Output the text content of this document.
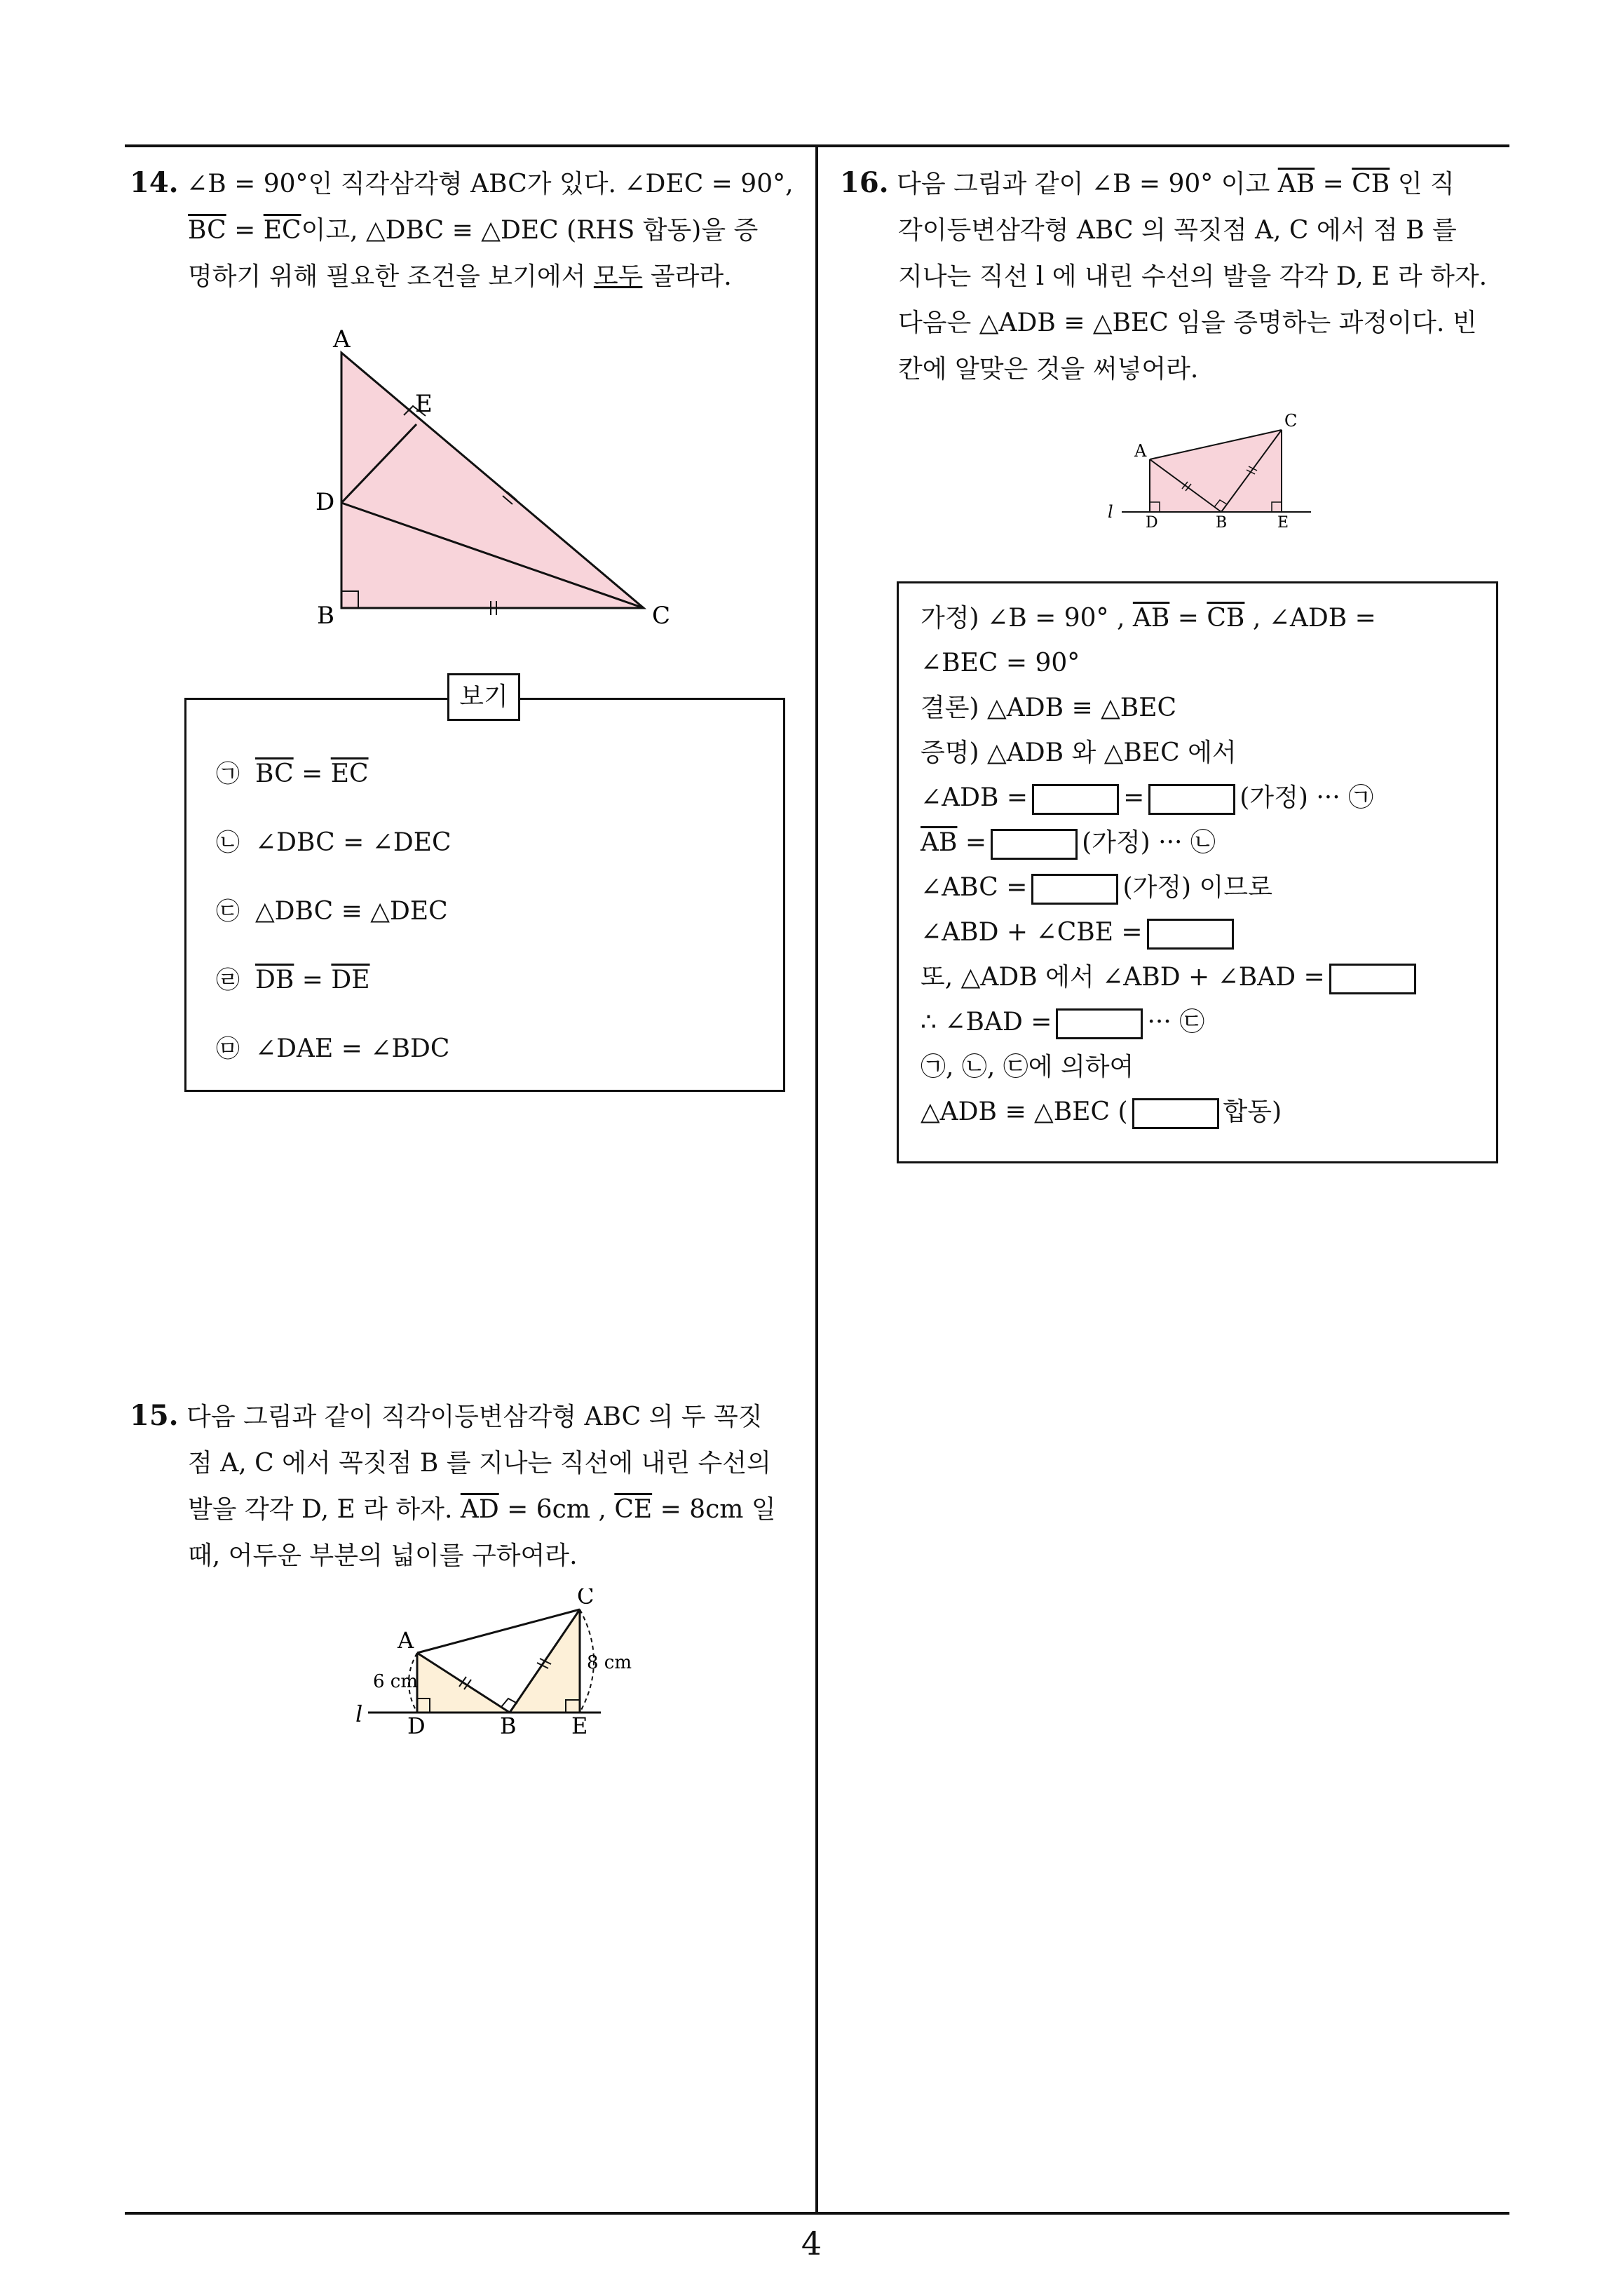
4
14. ∠B = 90°인 직각삼각형 ABC가 있다. ∠DEC = 90°,
$\overline{BC} = \overline{EC}$이고, △DBC ≡ △DEC (RHS 합동)을 증
명하기 위해 필요한 조건을 보기에서 모두 골라라.
A
E
D
B	C
보기
㉠ $\overline{BC} = \overline{EC}$
㉡ ∠DBC = ∠DEC
㉢ △DBC ≡ △DEC
㉣ $\overline{DB} = \overline{DE}$
㉤ ∠DAE = ∠BDC
15. 다음 그림과 같이 직각이등변삼각형 ABC 의 두 꼭짓
점 A, C 에서 꼭짓점 B 를 지나는 직선에 내린 수선의
발을 각각 D, E 라 하자. $\overline{AD} = 6cm$ , $\overline{CE} = 8cm$ 일
때, 어두운 부분의 넓이를 구하여라.
A
C
D	B E
l
6 cm
8 cm
16. 다음 그림과 같이 ∠B = 90° 이고 $\overline{AB} = \overline{CB}$ 인 직
각이등변삼각형 ABC 의 꼭짓점 A, C 에서 점 B 를
지나는 직선 l 에 내린 수선의 발을 각각 D, E 라 하자.
다음은 △ADB ≡ △BEC 임을 증명하는 과정이다. 빈
칸에 알맞은 것을 써넣어라.
A
C
D	B	E
l
가정) ∠B = 90° , $\overline{AB} = \overline{CB}$ , ∠ADB =
∠BEC = 90°
결론) △ADB ≡ △BEC
증명) △ADB 와 △BEC 에서
∠ADB =	=	(가정) ··· ㉠
$\overline{AB}$ =	(가정) ··· ㉡
∠ABC =	(가정) 이므로
∠ABD + ∠CBE =
또, △ADB 에서 ∠ABD + ∠BAD =
∴ ∠BAD =	··· ㉢
㉠, ㉡, ㉢에 의하여
△ADB ≡ △BEC (	합동)
